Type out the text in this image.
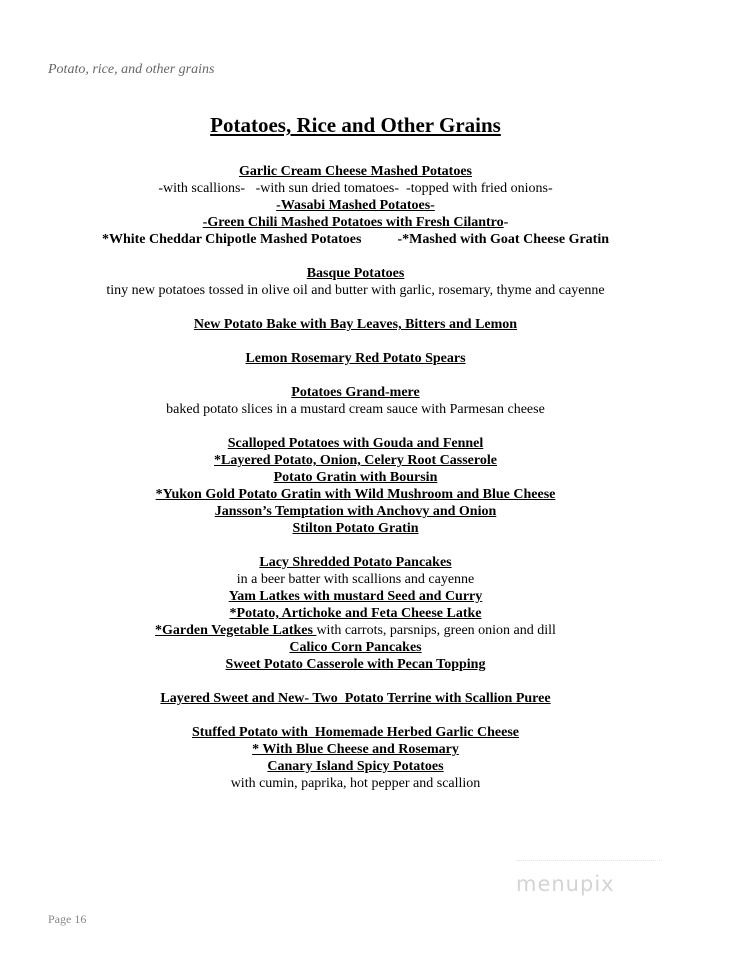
Potato, rice, and other grains
Potatoes, Rice and Other Grains
Garlic Cream Cheese Mashed Potatoes
-with scallions-   -with sun dried tomatoes-  -topped with fried onions-
-Wasabi Mashed Potatoes-
-Green Chili Mashed Potatoes with Fresh Cilantro-
*White Cheddar Chipotle Mashed Potatoes	-*Mashed with Goat Cheese Gratin
Basque Potatoes
tiny new potatoes tossed in olive oil and butter with garlic, rosemary, thyme and cayenne
New Potato Bake with Bay Leaves, Bitters and Lemon
Lemon Rosemary Red Potato Spears
Potatoes Grand-mere
baked potato slices in a mustard cream sauce with Parmesan cheese
Scalloped Potatoes with Gouda and Fennel
*Layered Potato, Onion, Celery Root Casserole
Potato Gratin with Boursin
*Yukon Gold Potato Gratin with Wild Mushroom and Blue Cheese
Jansson’s Temptation with Anchovy and Onion
Stilton Potato Gratin
Lacy Shredded Potato Pancakes
in a beer batter with scallions and cayenne
Yam Latkes with mustard Seed and Curry
*Potato, Artichoke and Feta Cheese Latke
*Garden Vegetable Latkes with carrots, parsnips, green onion and dill
Calico Corn Pancakes
Sweet Potato Casserole with Pecan Topping
Layered Sweet and New- Two  Potato Terrine with Scallion Puree
Stuffed Potato with  Homemade Herbed Garlic Cheese
* With Blue Cheese and Rosemary
Canary Island Spicy Potatoes
with cumin, paprika, hot pepper and scallion
menupix
Page 16
